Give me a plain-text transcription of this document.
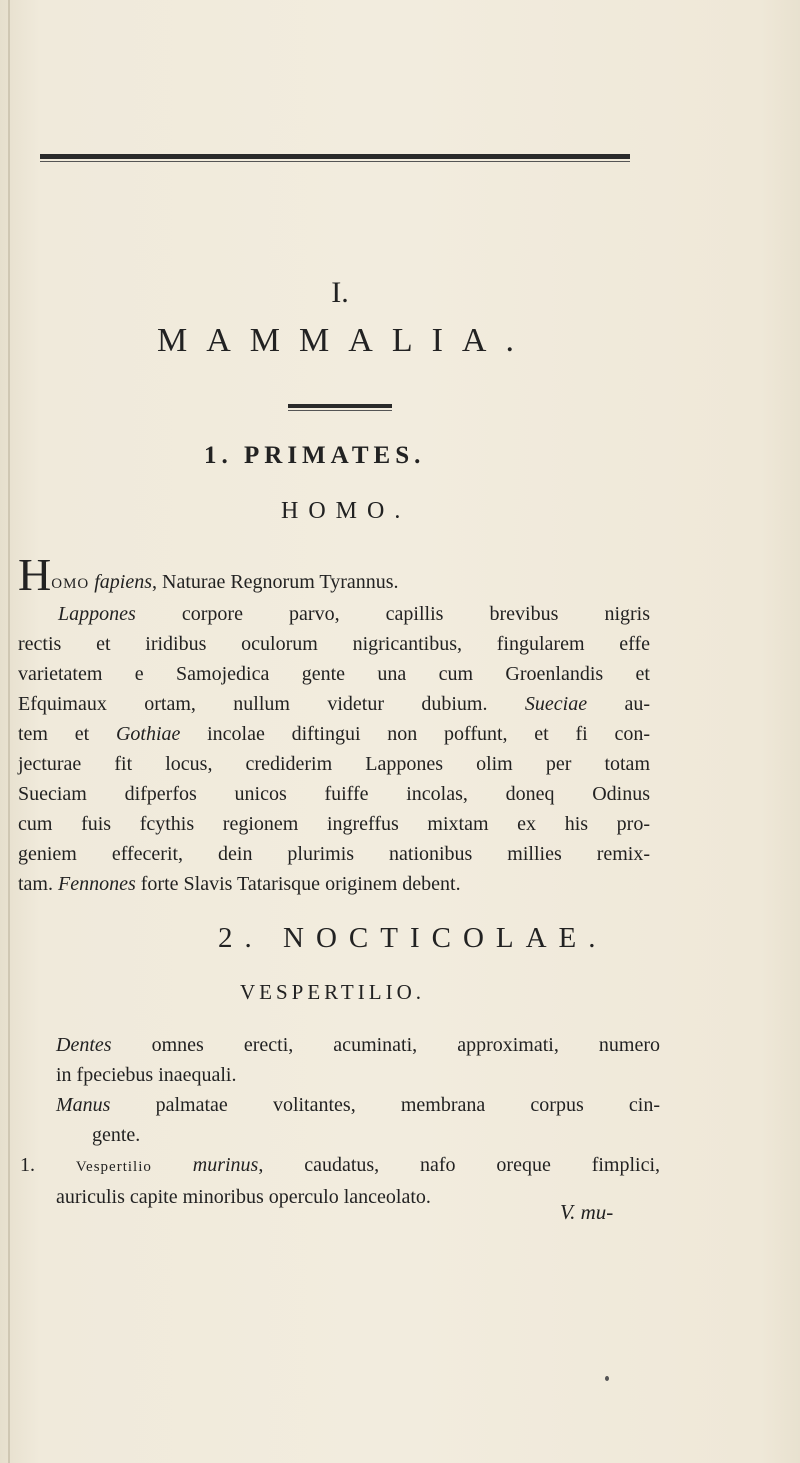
I.
MAMMALIA.
1. PRIMATES.
HOMO.
HOMO fapiens, Naturae Regnorum Tyrannus.
Lappones corpore parvo, capillis brevibus nigris
rectis et iridibus oculorum nigricantibus, fingularem effe
varietatem e Samojedica gente una cum Groenlandis et
Efquimaux ortam, nullum videtur dubium. Sueciae au-
tem et Gothiae incolae diftingui non poffunt, et fi con-
jecturae fit locus, crediderim Lappones olim per totam
Sueciam difperfos unicos fuiffe incolas, doneq Odinus
cum fuis fcythis regionem ingreffus mixtam ex his pro-
geniem effecerit, dein plurimis nationibus millies remix-
tam. Fennones forte Slavis Tatarisque originem debent.
2. NOCTICOLAE.
VESPERTILIO.
Dentes omnes erecti, acuminati, approximati, numero
in fpeciebus inaequali.
Manus palmatae volitantes, membrana corpus cin-
gente.
1.	Vespertilio murinus, caudatus, nafo oreque fimplici,
auriculis capite minoribus operculo lanceolato.
V. mu-
